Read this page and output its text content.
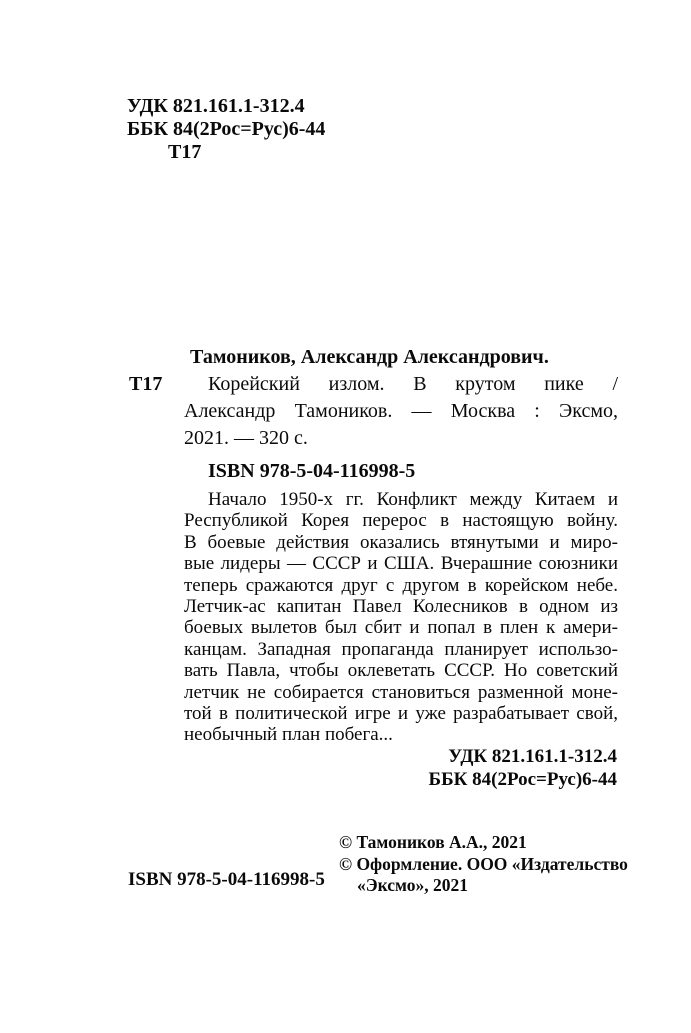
УДК 821.161.1-312.4
ББК 84(2Рос=Рус)6-44
Т17
Т17
Тамоников, Александр Александрович.
Корейский излом. В крутом пике /
Александр Тамоников. — Москва : Эксмо,
2021. — 320 с.
ISBN 978-5-04-116998-5
Начало 1950-х гг. Конфликт между Китаем и
Республикой Корея перерос в настоящую войну.
В боевые действия оказались втянутыми и миро-
вые лидеры — СССР и США. Вчерашние союзники
теперь сражаются друг с другом в корейском небе.
Летчик-ас капитан Павел Колесников в одном из
боевых вылетов был сбит и попал в плен к амери-
канцам. Западная пропаганда планирует использо-
вать Павла, чтобы оклеветать СССР. Но советский
летчик не собирается становиться разменной моне-
той в политической игре и уже разрабатывает свой,
необычный план побега...
УДК 821.161.1-312.4
ББК 84(2Рос=Рус)6-44
ISBN 978-5-04-116998-5
© Тамоников А.А., 2021
© Оформление. ООО «Издательство
«Эксмо», 2021
